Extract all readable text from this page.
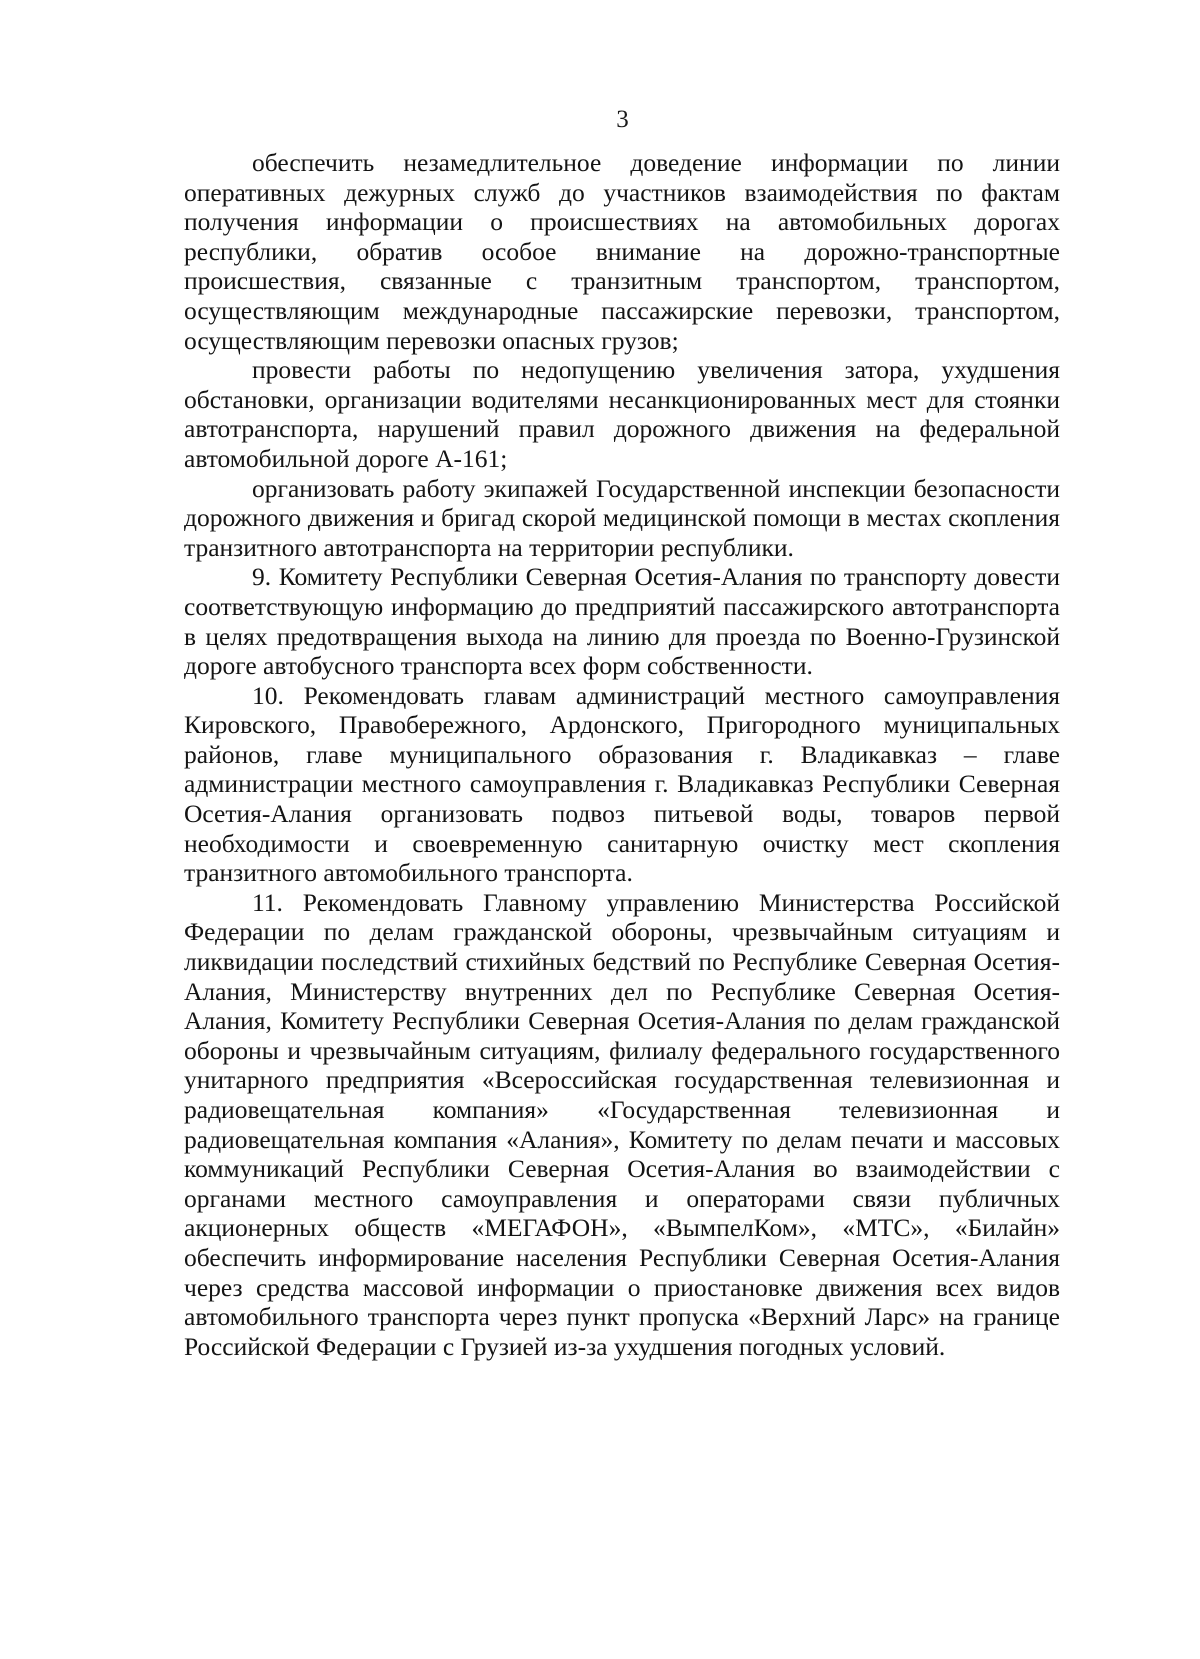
3

обеспечить незамедлительное доведение информации по линии оперативных дежурных служб до участников взаимодействия по фактам получения информации о происшествиях на автомобильных дорогах республики, обратив особое внимание на дорожно-транспортные происшествия, связанные с транзитным транспортом, транспортом, осуществляющим международные пассажирские перевозки, транспортом, осуществляющим перевозки опасных грузов;

провести работы по недопущению увеличения затора, ухудшения обстановки, организации водителями несанкционированных мест для стоянки автотранспорта, нарушений правил дорожного движения на федеральной автомобильной дороге А-161;

организовать работу экипажей Государственной инспекции безопасности дорожного движения и бригад скорой медицинской помощи в местах скопления транзитного автотранспорта на территории республики.

9. Комитету Республики Северная Осетия-Алания по транспорту довести соответствующую информацию до предприятий пассажирского автотранспорта в целях предотвращения выхода на линию для проезда по Военно-Грузинской дороге автобусного транспорта всех форм собственности.

10. Рекомендовать главам администраций местного самоуправления Кировского, Правобережного, Ардонского, Пригородного муниципальных районов, главе муниципального образования г. Владикавказ – главе администрации местного самоуправления г. Владикавказ Республики Северная Осетия-Алания организовать подвоз питьевой воды, товаров первой необходимости и своевременную санитарную очистку мест скопления транзитного автомобильного транспорта.

11. Рекомендовать Главному управлению Министерства Российской Федерации по делам гражданской обороны, чрезвычайным ситуациям и ликвидации последствий стихийных бедствий по Республике Северная Осетия-Алания, Министерству внутренних дел по Республике Северная Осетия-Алания, Комитету Республики Северная Осетия-Алания по делам гражданской обороны и чрезвычайным ситуациям, филиалу федерального государственного унитарного предприятия «Всероссийская государственная телевизионная и радиовещательная компания» «Государственная телевизионная и радиовещательная компания «Алания», Комитету по делам печати и массовых коммуникаций Республики Северная Осетия-Алания во взаимодействии с органами местного самоуправления и операторами связи публичных акционерных обществ «МЕГАФОН», «ВымпелКом», «МТС», «Билайн» обеспечить информирование населения Республики Северная Осетия-Алания через средства массовой информации о приостановке движения всех видов автомобильного транспорта через пункт пропуска «Верхний Ларс» на границе Российской Федерации с Грузией из-за ухудшения погодных условий.
